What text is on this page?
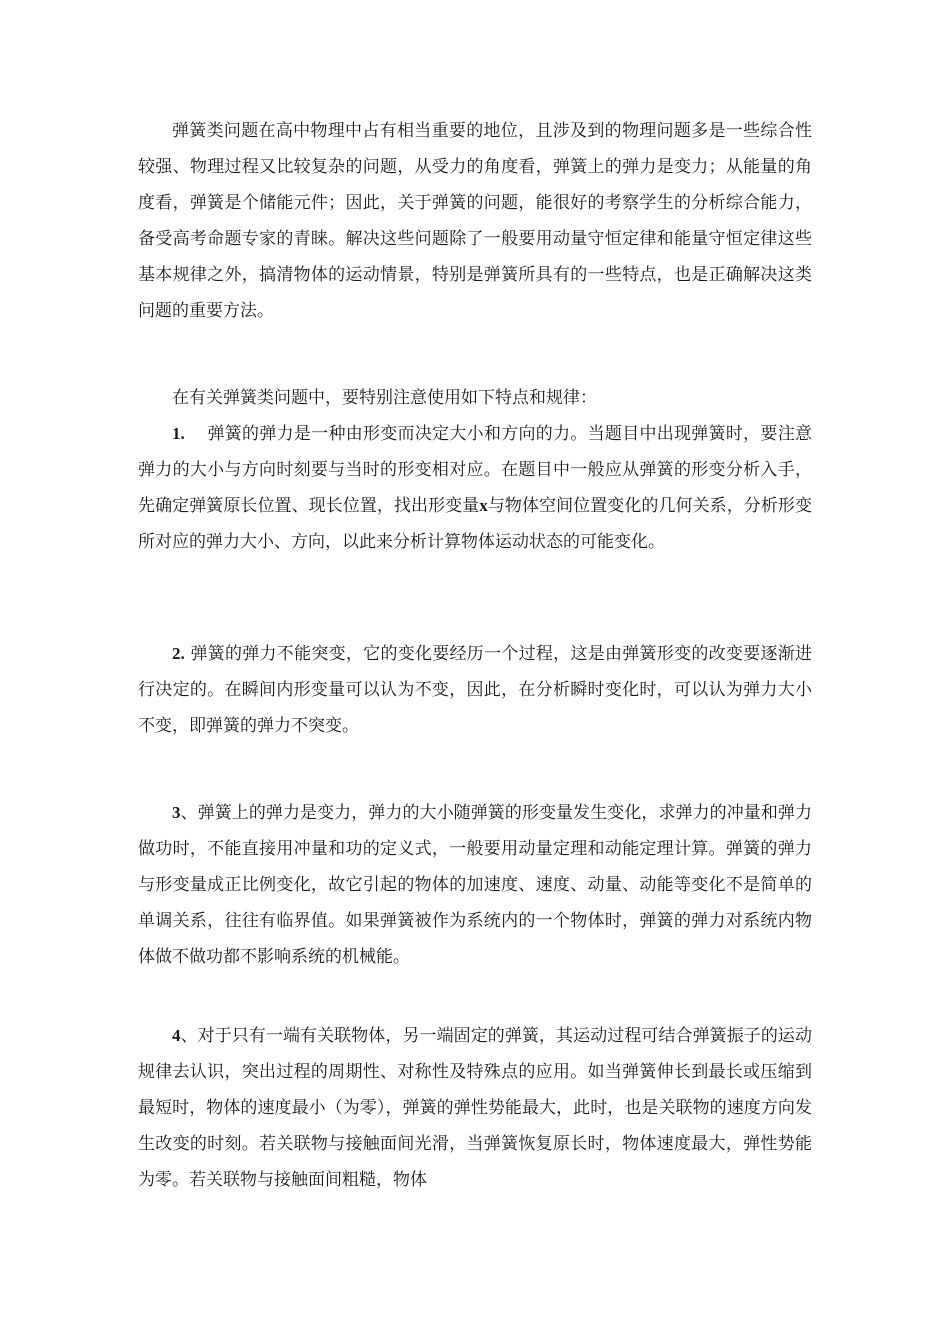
弹簧类问题在高中物理中占有相当重要的地位，且涉及到的物理问题多是一些综合性较强、物理过程又比较复杂的问题，从受力的角度看，弹簧上的弹力是变力；从能量的角度看，弹簧是个储能元件；因此，关于弹簧的问题，能很好的考察学生的分析综合能力，备受高考命题专家的青睐。解决这些问题除了一般要用动量守恒定律和能量守恒定律这些基本规律之外，搞清物体的运动情景，特别是弹簧所具有的一些特点，也是正确解决这类问题的重要方法。

在有关弹簧类问题中，要特别注意使用如下特点和规律：

1. 弹簧的弹力是一种由形变而决定大小和方向的力。当题目中出现弹簧时，要注意弹力的大小与方向时刻要与当时的形变相对应。在题目中一般应从弹簧的形变分析入手，先确定弹簧原长位置、现长位置，找出形变量x与物体空间位置变化的几何关系，分析形变所对应的弹力大小、方向，以此来分析计算物体运动状态的可能变化。

2. 弹簧的弹力不能突变，它的变化要经历一个过程，这是由弹簧形变的改变要逐渐进行决定的。在瞬间内形变量可以认为不变，因此，在分析瞬时变化时，可以认为弹力大小不变，即弹簧的弹力不突变。

3、弹簧上的弹力是变力，弹力的大小随弹簧的形变量发生变化，求弹力的冲量和弹力做功时，不能直接用冲量和功的定义式，一般要用动量定理和动能定理计算。弹簧的弹力与形变量成正比例变化，故它引起的物体的加速度、速度、动量、动能等变化不是简单的单调关系，往往有临界值。如果弹簧被作为系统内的一个物体时，弹簧的弹力对系统内物体做不做功都不影响系统的机械能。

4、对于只有一端有关联物体，另一端固定的弹簧，其运动过程可结合弹簧振子的运动规律去认识，突出过程的周期性、对称性及特殊点的应用。如当弹簧伸长到最长或压缩到最短时，物体的速度最小（为零），弹簧的弹性势能最大，此时，也是关联物的速度方向发生改变的时刻。若关联物与接触面间光滑，当弹簧恢复原长时，物体速度最大，弹性势能为零。若关联物与接触面间粗糙，物体
